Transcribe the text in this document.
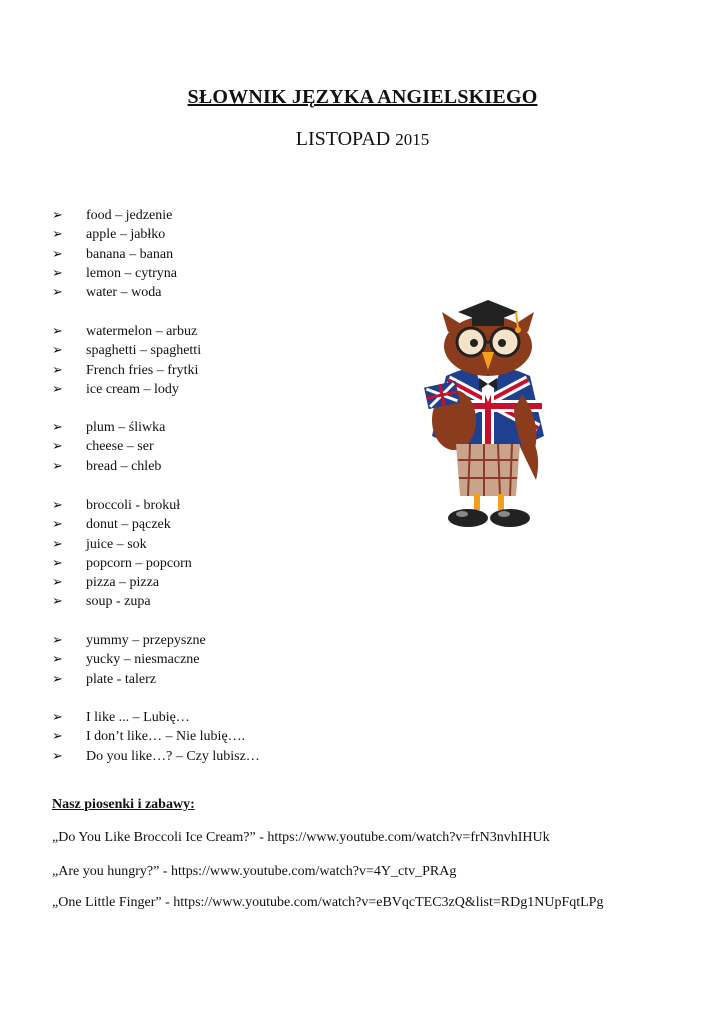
SŁOWNIK JĘZYKA ANGIELSKIEGO
LISTOPAD 2015
➢ food – jedzenie
➢ apple – jabłko
➢ banana – banan
➢ lemon – cytryna
➢ water – woda
➢ watermelon – arbuz
➢ spaghetti – spaghetti
➢ French fries – frytki
➢ ice cream – lody
➢ plum – śliwka
➢ cheese – ser
➢ bread – chleb
➢ broccoli - brokuł
➢ donut – pączek
➢ juice – sok
➢ popcorn – popcorn
➢ pizza – pizza
➢ soup - zupa
➢ yummy – przepyszne
➢ yucky – niesmaczne
➢ plate - talerz
➢ I like ... – Lubię…
➢ I don’t like… – Nie lubię….
➢ Do you like…? – Czy lubisz…
Nasz piosenki i zabawy:
„Do You Like Broccoli Ice Cream?” - https://www.youtube.com/watch?v=frN3nvhIHUk
„Are you hungry?” - https://www.youtube.com/watch?v=4Y_ctv_PRAg
„One Little Finger” - https://www.youtube.com/watch?v=eBVqcTEC3zQ&list=RDg1NUpFqtLPg
